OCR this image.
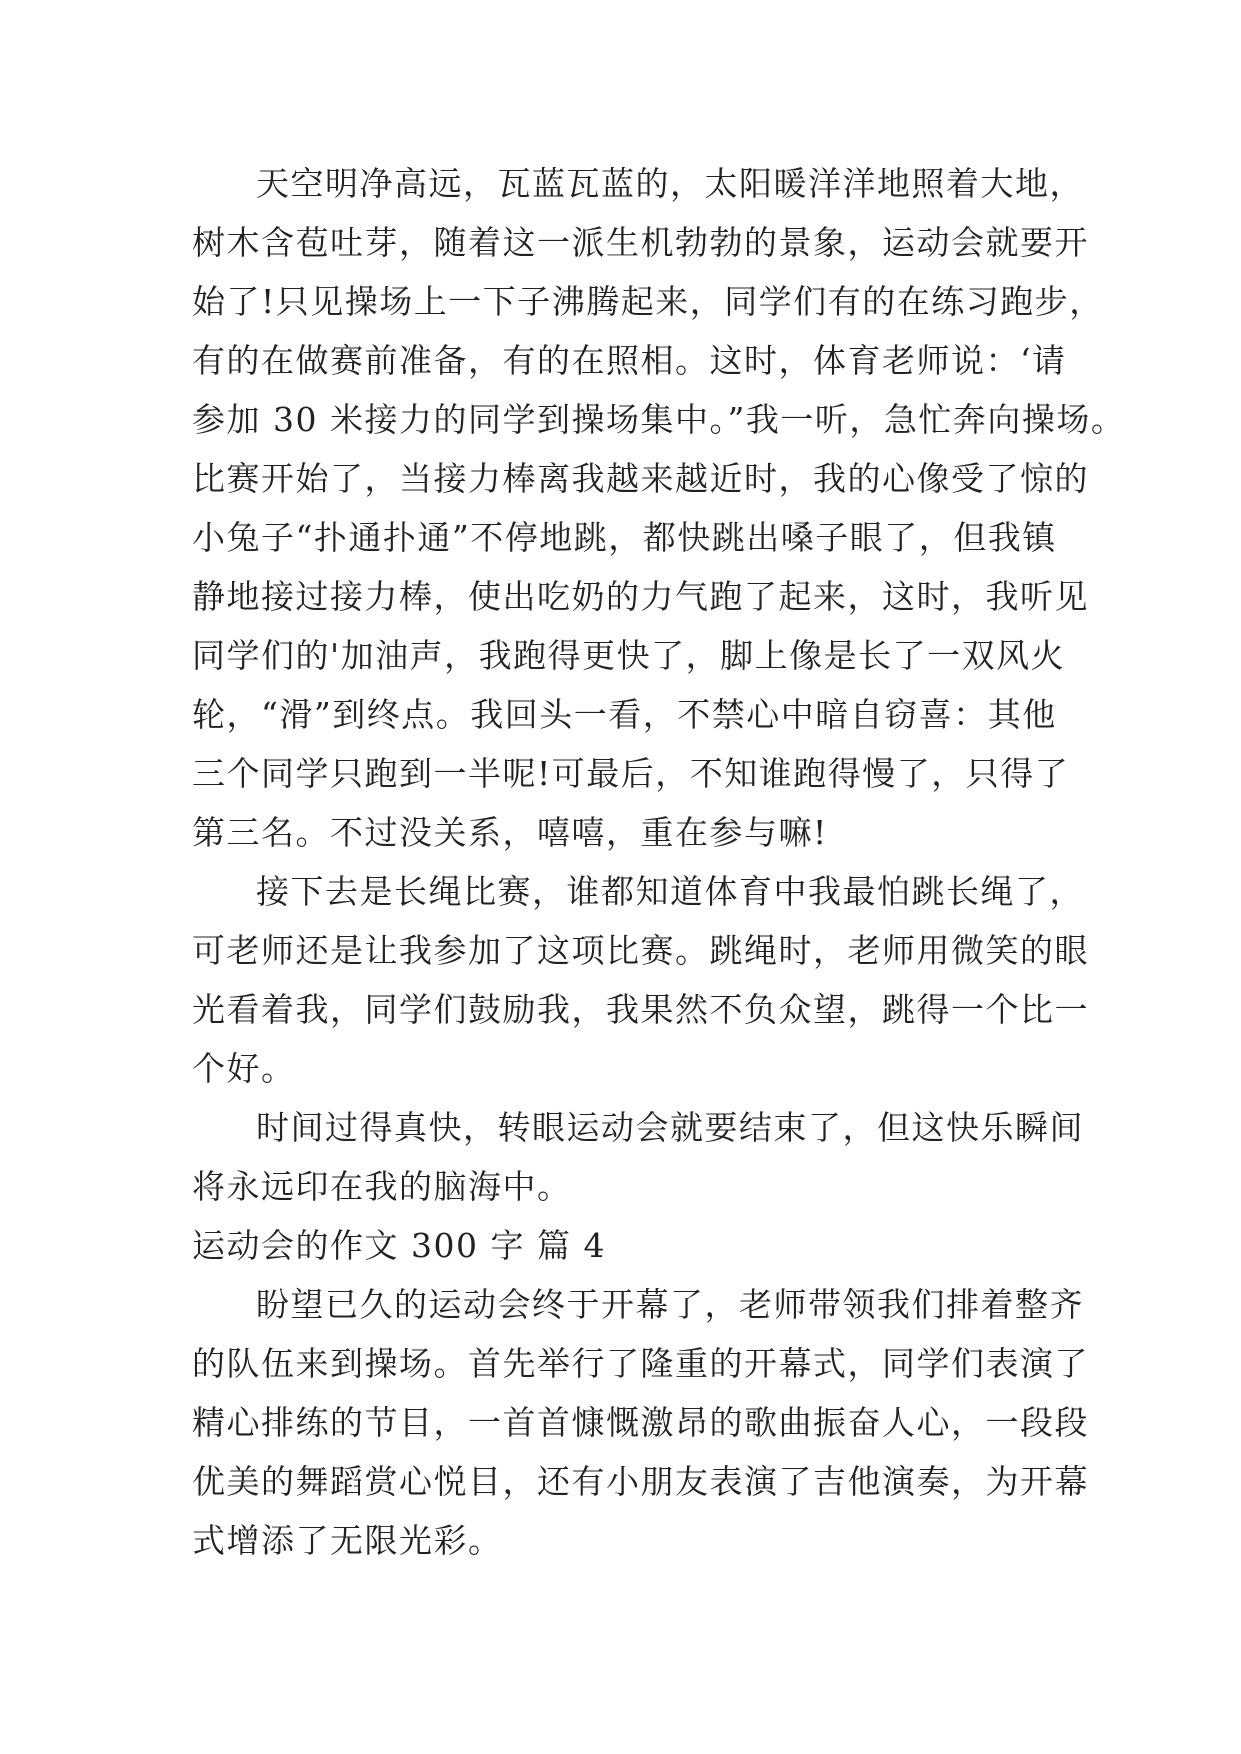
天空明净高远，瓦蓝瓦蓝的，太阳暖洋洋地照着大地，
树木含苞吐芽，随着这一派生机勃勃的景象，运动会就要开
始了!只见操场上一下子沸腾起来，同学们有的在练习跑步，
有的在做赛前准备，有的在照相。这时，体育老师说：‘请
参加 30 米接力的同学到操场集中。”我一听，急忙奔向操场。
比赛开始了，当接力棒离我越来越近时，我的心像受了惊的
小兔子“扑通扑通”不停地跳，都快跳出嗓子眼了，但我镇
静地接过接力棒，使出吃奶的力气跑了起来，这时，我听见
同学们的'加油声，我跑得更快了，脚上像是长了一双风火
轮，“滑”到终点。我回头一看，不禁心中暗自窃喜：其他
三个同学只跑到一半呢!可最后，不知谁跑得慢了，只得了
第三名。不过没关系，嘻嘻，重在参与嘛!
接下去是长绳比赛，谁都知道体育中我最怕跳长绳了，
可老师还是让我参加了这项比赛。跳绳时，老师用微笑的眼
光看着我，同学们鼓励我，我果然不负众望，跳得一个比一
个好。
时间过得真快，转眼运动会就要结束了，但这快乐瞬间
将永远印在我的脑海中。
运动会的作文 300 字 篇 4
盼望已久的运动会终于开幕了，老师带领我们排着整齐
的队伍来到操场。首先举行了隆重的开幕式，同学们表演了
精心排练的节目，一首首慷慨激昂的歌曲振奋人心，一段段
优美的舞蹈赏心悦目，还有小朋友表演了吉他演奏，为开幕
式增添了无限光彩。
